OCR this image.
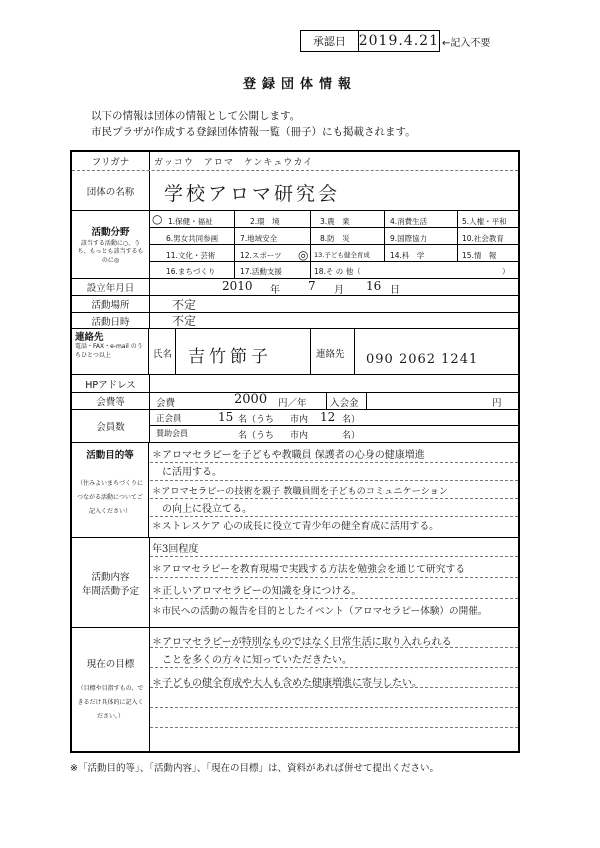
承認日 2019.4.21 ←記入不要
登録団体情報
以下の情報は団体の情報として公開します。
市民プラザが作成する登録団体情報一覧（冊子）にも掲載されます。
フリガナ	ガッコウ　アロマ　ケンキュウカイ
団体の名称	学校アロマ研究会
活動分野
該当する活動に○、うち、もっとも該当するものに◎
○
◎
1.保健・福祉	2.環　境	3.農　業	4.消費生活	5.人権・平和
6.男女共同参画	7.地域安全	8.防　災	9.国際協力	10.社会教育
11.文化・芸術	12.スポーツ	13.子ども健全育成	14.科　学	15.情　報
16.まちづくり	17.活動支援	18.そ の 他（	）
設立年月日	2010 年 7 月 16 日
活動場所	不定
活動日時	不定
連絡先
電話・FAX・e-mail のうちひとつ以上	氏名 吉竹節子	連絡先 090 2062 1241
HPアドレス
会費等	会費	2000 円／年 入会金	円
会員数
正会員	15 名（うち 市内 12 名）
賛助会員	名（うち 市内	名）
活動目的等
（住みよいまちづくりにつながる活動についてご記入ください）
＊アロマセラピーを子どもや教職員 保護者の心身の健康増進
　に活用する。
＊アロマセラピーの技術を親子 教職員間を子どものコミュニケーション
　の向上に役立てる。
＊ストレスケア 心の成長に役立て青少年の健全育成に活用する。
活動内容
年間活動予定
年3回程度
＊アロマセラピーを教育現場で実践する方法を勉強会を通じて研究する
＊正しいアロマセラピーの知識を身につける。
＊市民への活動の報告を目的としたイベント（アロマセラピー体験）の開催。
現在の目標
（目標や目指すもの、できるだけ具体的に記入ください。）
＊アロマセラピーが特別なものではなく日常生活に取り入れられる
　ことを多くの方々に知っていただきたい。
＊子どもの健全育成や大人も含めた健康増進に寄与したい。
※「活動目的等」、「活動内容」、「現在の目標」は、資料があれば併せて提出ください。
